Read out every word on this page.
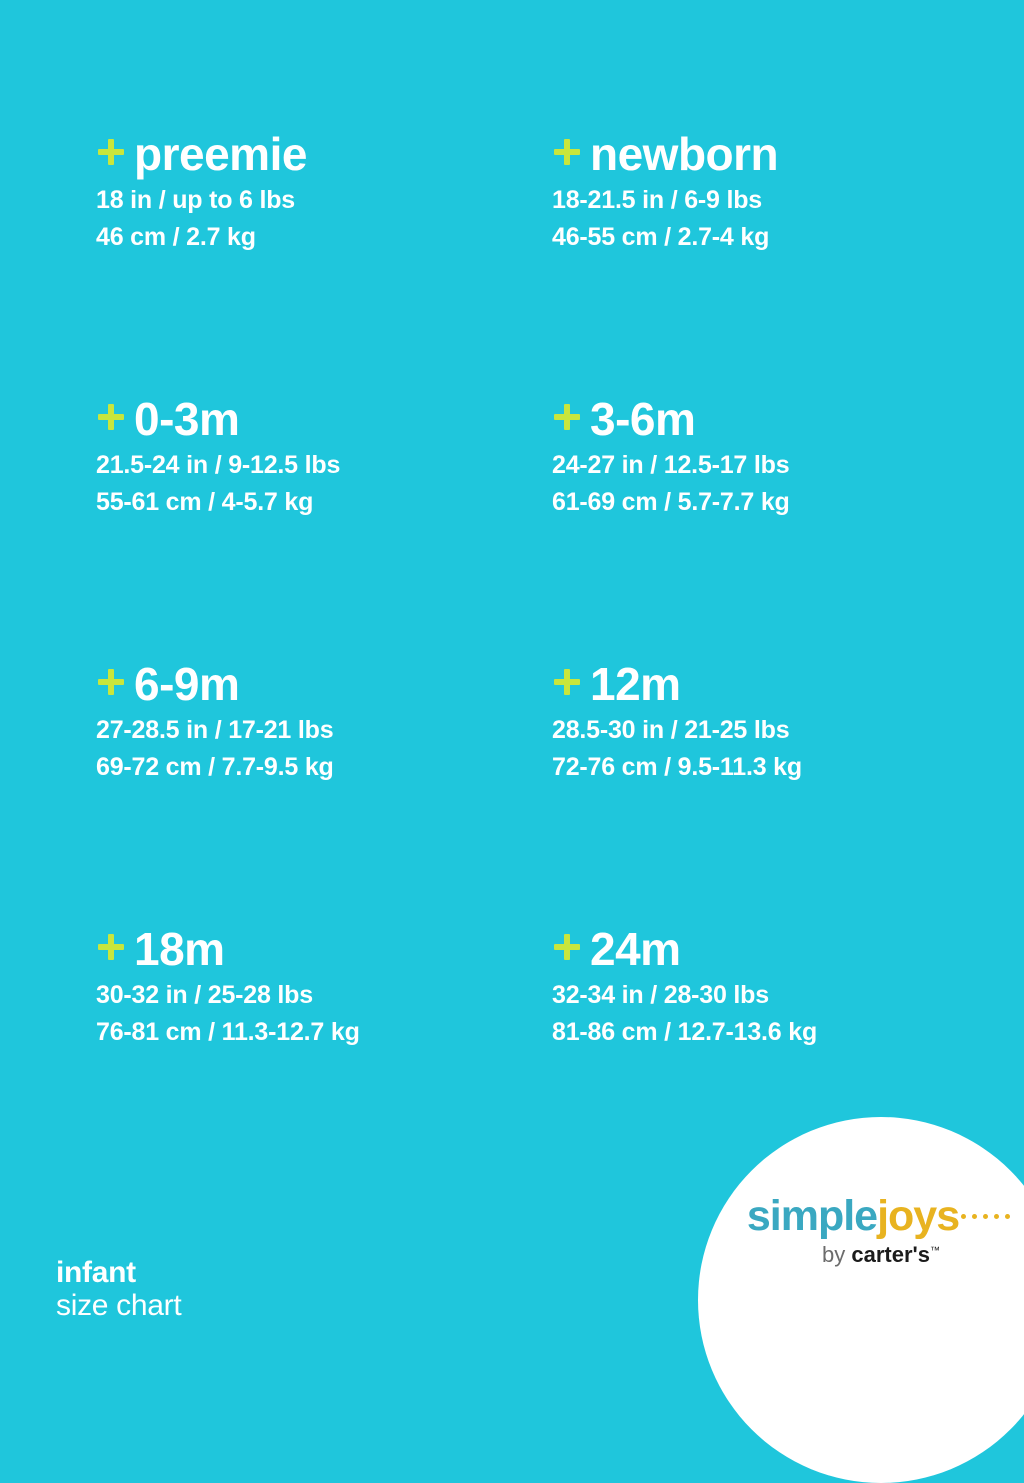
preemie
18 in / up to 6 lbs
46 cm / 2.7 kg
newborn
18-21.5 in / 6-9 lbs
46-55 cm / 2.7-4 kg
0-3m
21.5-24 in / 9-12.5 lbs
55-61 cm / 4-5.7 kg
3-6m
24-27 in / 12.5-17 lbs
61-69 cm / 5.7-7.7 kg
6-9m
27-28.5 in / 17-21 lbs
69-72 cm / 7.7-9.5 kg
12m
28.5-30 in / 21-25 lbs
72-76 cm / 9.5-11.3 kg
18m
30-32 in / 25-28 lbs
76-81 cm / 11.3-12.7 kg
24m
32-34 in / 28-30 lbs
81-86 cm / 12.7-13.6 kg
infant
size chart
simplejoys
by carter's™
